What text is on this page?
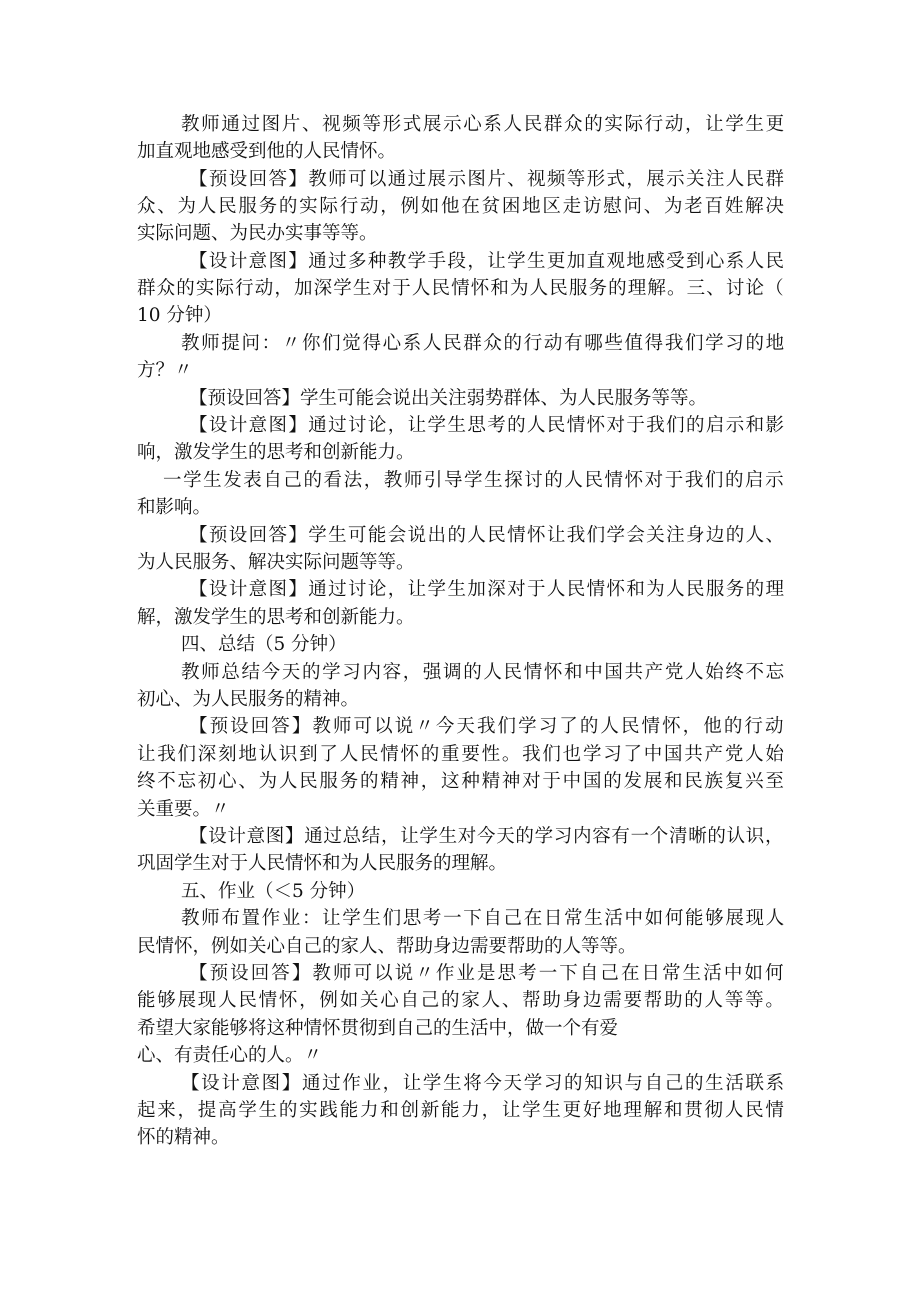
教师通过图片、视频等形式展示心系人民群众的实际行动，让学生更
加直观地感受到他的人民情怀。
【预设回答】教师可以通过展示图片、视频等形式，展示关注人民群
众、为人民服务的实际行动，例如他在贫困地区走访慰问、为老百姓解决
实际问题、为民办实事等等。
【设计意图】通过多种教学手段，让学生更加直观地感受到心系人民
群众的实际行动，加深学生对于人民情怀和为人民服务的理解。三、讨论（
10 分钟）
教师提问：〃你们觉得心系人民群众的行动有哪些值得我们学习的地
方？〃
【预设回答】学生可能会说出关注弱势群体、为人民服务等等。
【设计意图】通过讨论，让学生思考的人民情怀对于我们的启示和影
响，激发学生的思考和创新能力。
一学生发表自己的看法，教师引导学生探讨的人民情怀对于我们的启示
和影响。
【预设回答】学生可能会说出的人民情怀让我们学会关注身边的人、
为人民服务、解决实际问题等等。
【设计意图】通过讨论，让学生加深对于人民情怀和为人民服务的理
解，激发学生的思考和创新能力。
四、总结（5 分钟）
教师总结今天的学习内容，强调的人民情怀和中国共产党人始终不忘
初心、为人民服务的精神。
【预设回答】教师可以说〃今天我们学习了的人民情怀，他的行动
让我们深刻地认识到了人民情怀的重要性。我们也学习了中国共产党人始
终不忘初心、为人民服务的精神，这种精神对于中国的发展和民族复兴至
关重要。〃
【设计意图】通过总结，让学生对今天的学习内容有一个清晰的认识，
巩固学生对于人民情怀和为人民服务的理解。
五、作业（＜5 分钟）
教师布置作业：让学生们思考一下自己在日常生活中如何能够展现人
民情怀，例如关心自己的家人、帮助身边需要帮助的人等等。
【预设回答】教师可以说〃作业是思考一下自己在日常生活中如何
能够展现人民情怀，例如关心自己的家人、帮助身边需要帮助的人等等。
希望大家能够将这种情怀贯彻到自己的生活中，做一个有爱
心、有责任心的人。〃
【设计意图】通过作业，让学生将今天学习的知识与自己的生活联系
起来，提高学生的实践能力和创新能力，让学生更好地理解和贯彻人民情
怀的精神。
